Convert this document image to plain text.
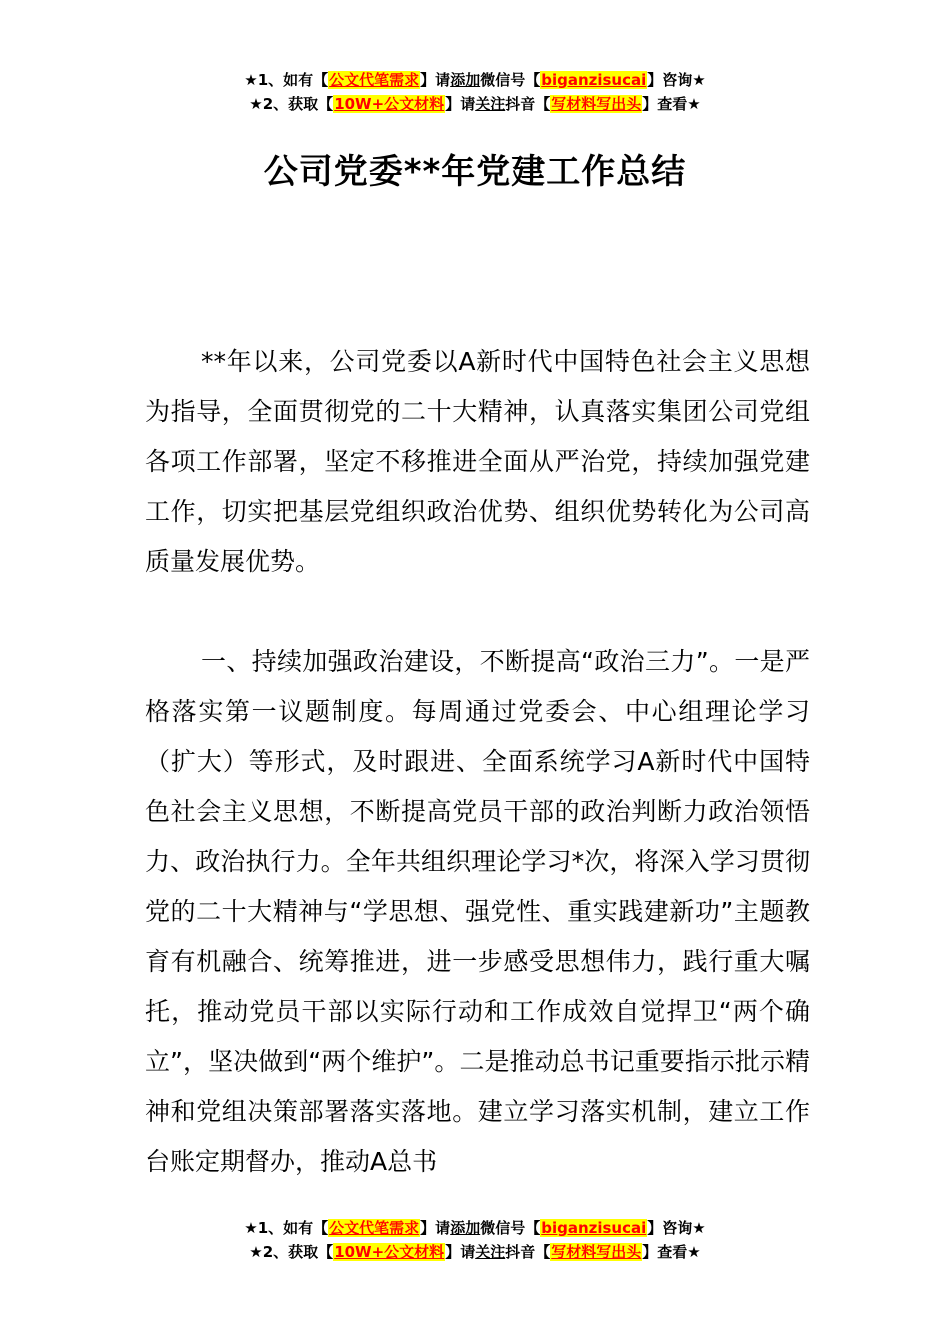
★1、如有【公文代笔需求】请添加微信号【biganzisucai】咨询★
★2、获取【10W+公文材料】请关注抖音【写材料写出头】查看★
公司党委**年党建工作总结

**年以来，公司党委以A新时代中国特色社会主义思想为指导，全面贯彻党的二十大精神，认真落实集团公司党组各项工作部署，坚定不移推进全面从严治党，持续加强党建工作，切实把基层党组织政治优势、组织优势转化为公司高质量发展优势。

一、持续加强政治建设，不断提高“政治三力”。一是严格落实第一议题制度。每周通过党委会、中心组理论学习（扩大）等形式，及时跟进、全面系统学习A新时代中国特色社会主义思想，不断提高党员干部的政治判断力政治领悟力、政治执行力。全年共组织理论学习*次，将深入学习贯彻党的二十大精神与“学思想、强党性、重实践建新功”主题教育有机融合、统筹推进，进一步感受思想伟力，践行重大嘱托，推动党员干部以实际行动和工作成效自觉捍卫“两个确立”，坚决做到“两个维护”。二是推动总书记重要指示批示精神和党组决策部署落实落地。建立学习落实机制，建立工作台账定期督办，推动A总书

★1、如有【公文代笔需求】请添加微信号【biganzisucai】咨询★
★2、获取【10W+公文材料】请关注抖音【写材料写出头】查看★
